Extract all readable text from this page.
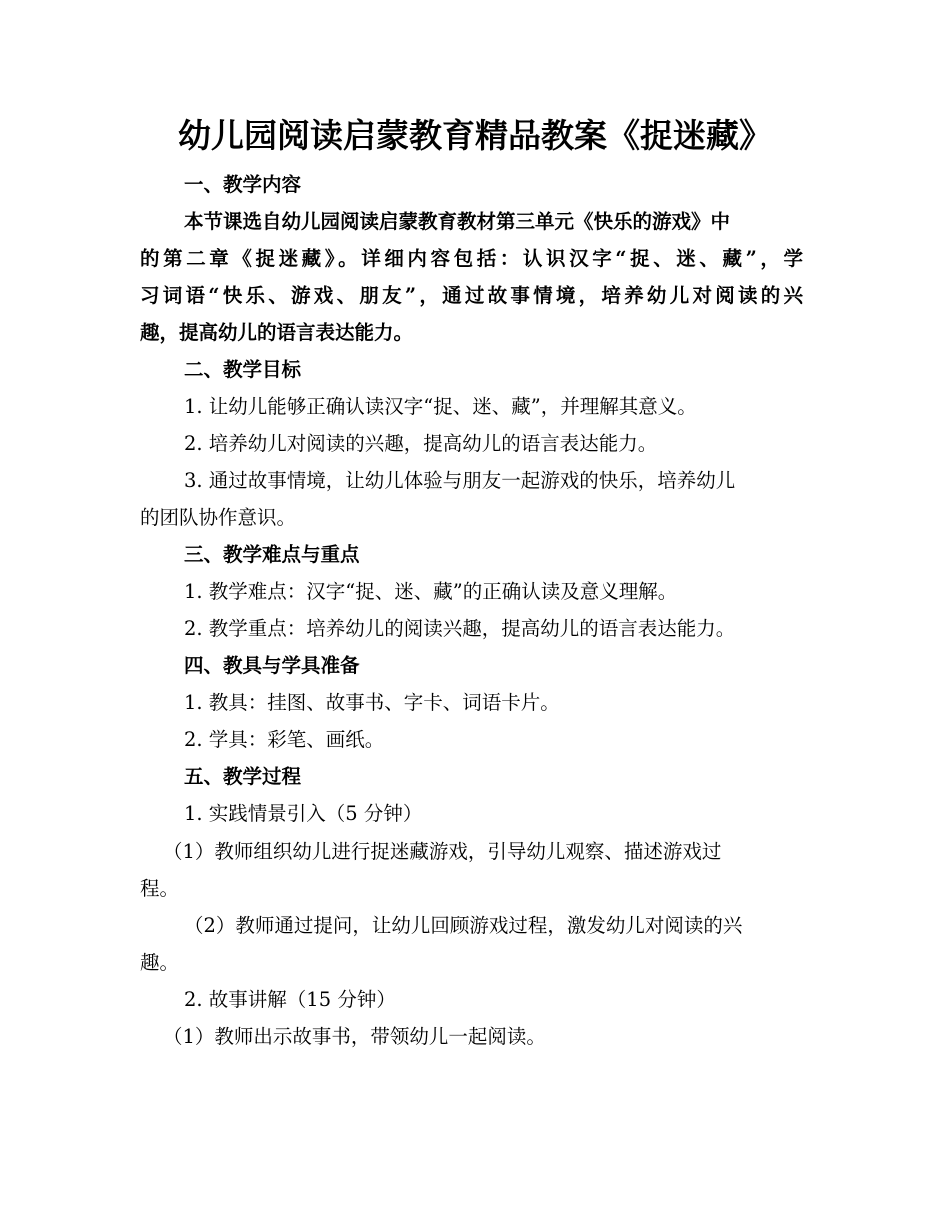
幼儿园阅读启蒙教育精品教案《捉迷藏》
一、教学内容
本节课选自幼儿园阅读启蒙教育教材第三单元《快乐的游戏》中
的第二章《捉迷藏》。详细内容包括：认识汉字“捉、迷、藏”，学
习词语“快乐、游戏、朋友”，通过故事情境，培养幼儿对阅读的兴
趣，提高幼儿的语言表达能力。
二、教学目标
1. 让幼儿能够正确认读汉字“捉、迷、藏”，并理解其意义。
2. 培养幼儿对阅读的兴趣，提高幼儿的语言表达能力。
3. 通过故事情境，让幼儿体验与朋友一起游戏的快乐，培养幼儿
的团队协作意识。
三、教学难点与重点
1. 教学难点：汉字“捉、迷、藏”的正确认读及意义理解。
2. 教学重点：培养幼儿的阅读兴趣，提高幼儿的语言表达能力。
四、教具与学具准备
1. 教具：挂图、故事书、字卡、词语卡片。
2. 学具：彩笔、画纸。
五、教学过程
1. 实践情景引入（5 分钟）
（1）教师组织幼儿进行捉迷藏游戏，引导幼儿观察、描述游戏过
程。
（2）教师通过提问，让幼儿回顾游戏过程，激发幼儿对阅读的兴
趣。
2. 故事讲解（15 分钟）
（1）教师出示故事书，带领幼儿一起阅读。
